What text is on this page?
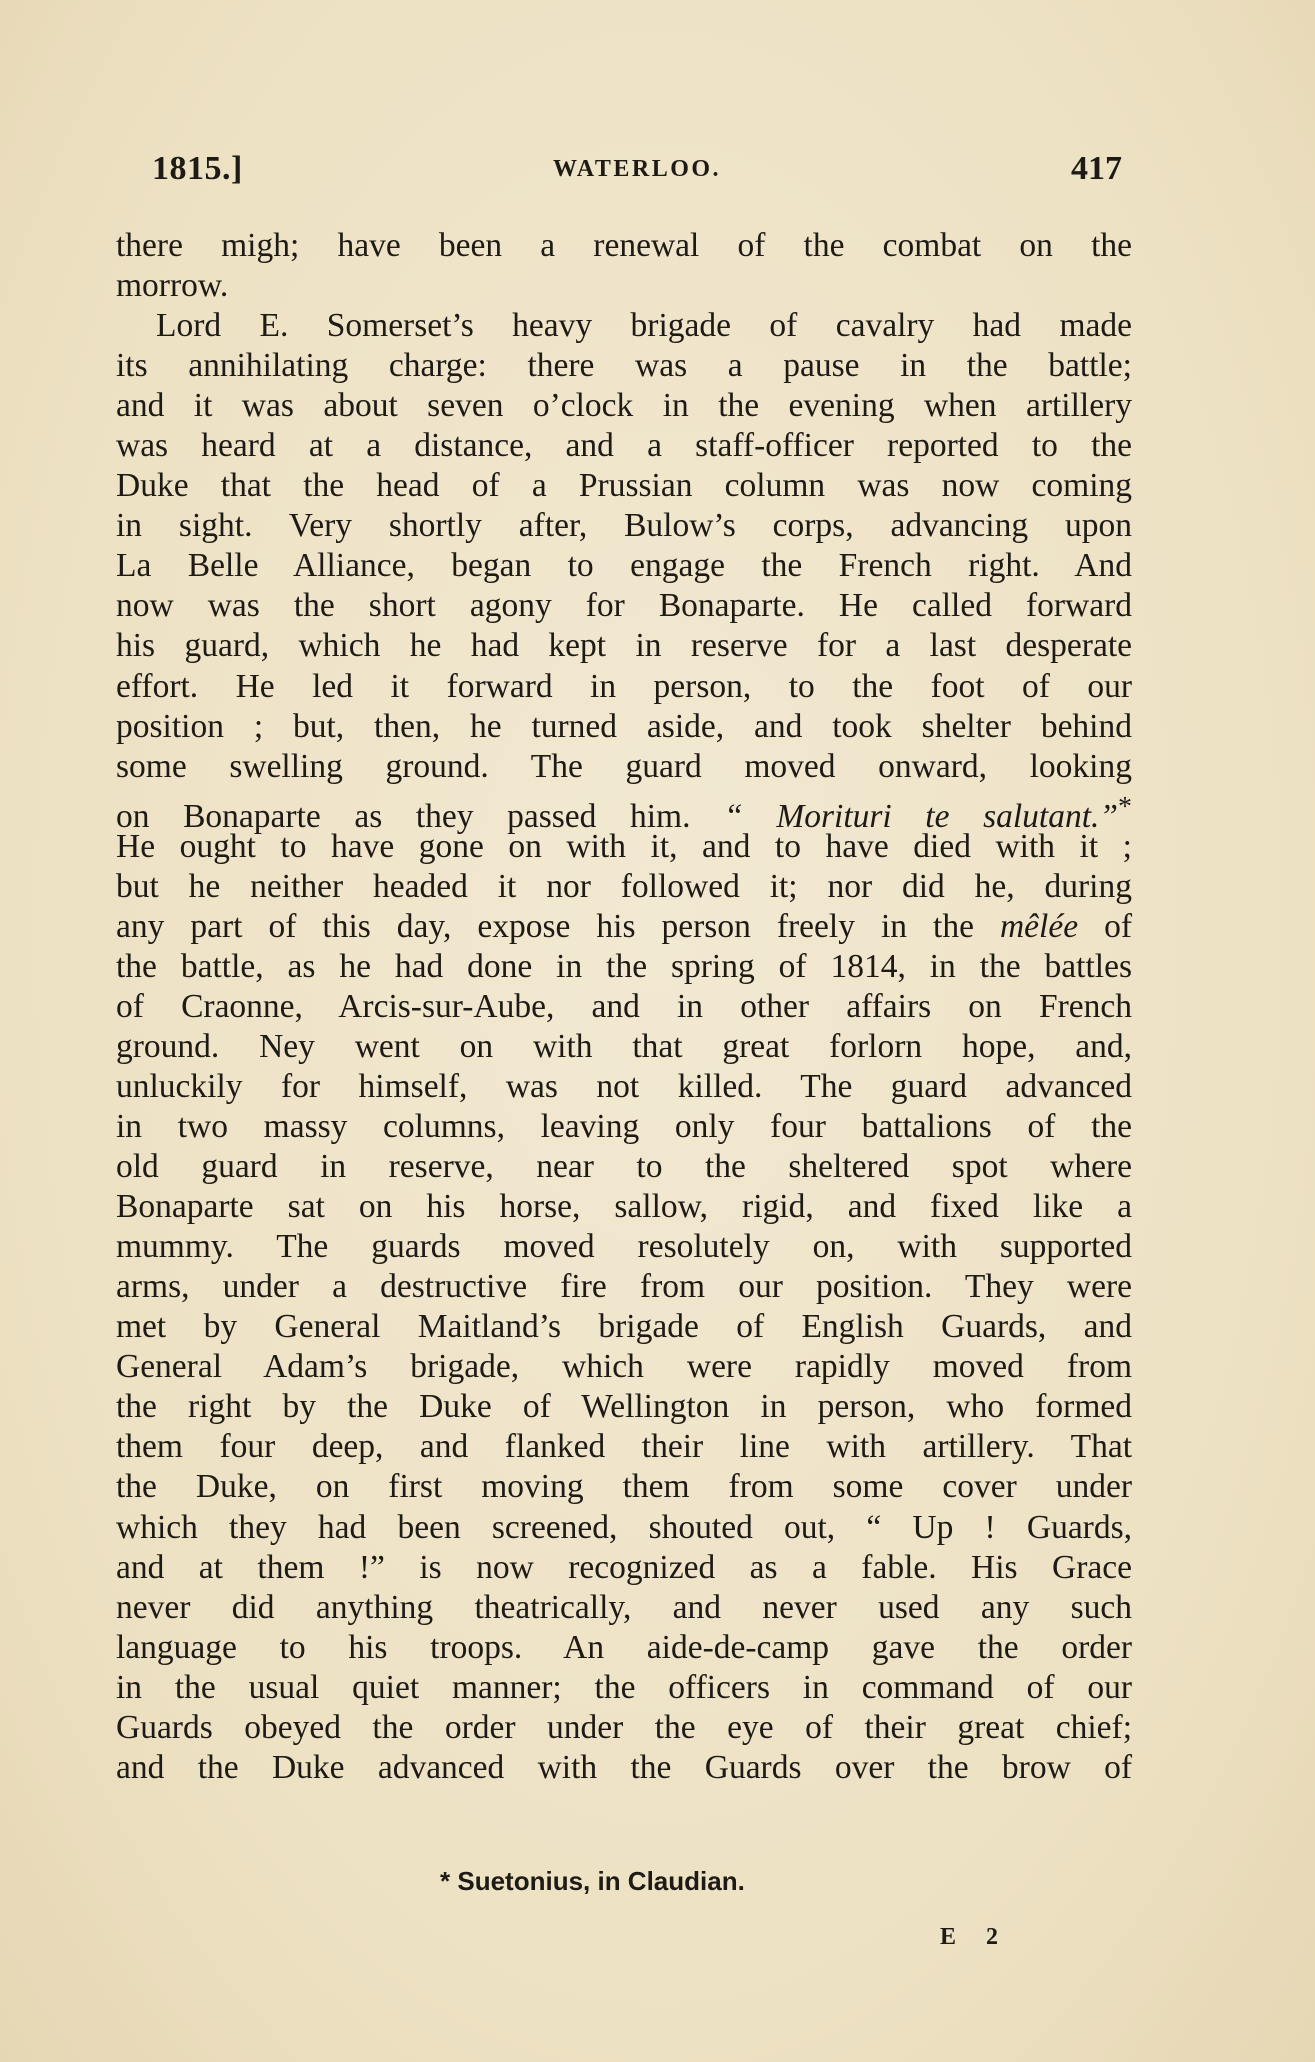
1815.]	WATERLOO.	417
there migh; have been a renewal of the combat on the
morrow.
Lord E. Somerset’s heavy brigade of cavalry had made
its annihilating charge: there was a pause in the battle;
and it was about seven o’clock in the evening when artillery
was heard at a distance, and a staff-officer reported to the
Duke that the head of a Prussian column was now coming
in sight. Very shortly after, Bulow’s corps, advancing upon
La Belle Alliance, began to engage the French right. And
now was the short agony for Bonaparte. He called forward
his guard, which he had kept in reserve for a last desperate
effort. He led it forward in person, to the foot of our
position ; but, then, he turned aside, and took shelter behind
some swelling ground. The guard moved onward, looking
on Bonaparte as they passed him. “ Morituri te salutant.”*
He ought to have gone on with it, and to have died with it ;
but he neither headed it nor followed it; nor did he, during
any part of this day, expose his person freely in the mêlée of
the battle, as he had done in the spring of 1814, in the battles
of Craonne, Arcis-sur-Aube, and in other affairs on French
ground. Ney went on with that great forlorn hope, and,
unluckily for himself, was not killed. The guard advanced
in two massy columns, leaving only four battalions of the
old guard in reserve, near to the sheltered spot where
Bonaparte sat on his horse, sallow, rigid, and fixed like a
mummy. The guards moved resolutely on, with supported
arms, under a destructive fire from our position. They were
met by General Maitland’s brigade of English Guards, and
General Adam’s brigade, which were rapidly moved from
the right by the Duke of Wellington in person, who formed
them four deep, and flanked their line with artillery. That
the Duke, on first moving them from some cover under
which they had been screened, shouted out, “ Up ! Guards,
and at them !” is now recognized as a fable. His Grace
never did anything theatrically, and never used any such
language to his troops. An aide-de-camp gave the order
in the usual quiet manner; the officers in command of our
Guards obeyed the order under the eye of their great chief;
and the Duke advanced with the Guards over the brow of
* Suetonius, in Claudian.
E 2
